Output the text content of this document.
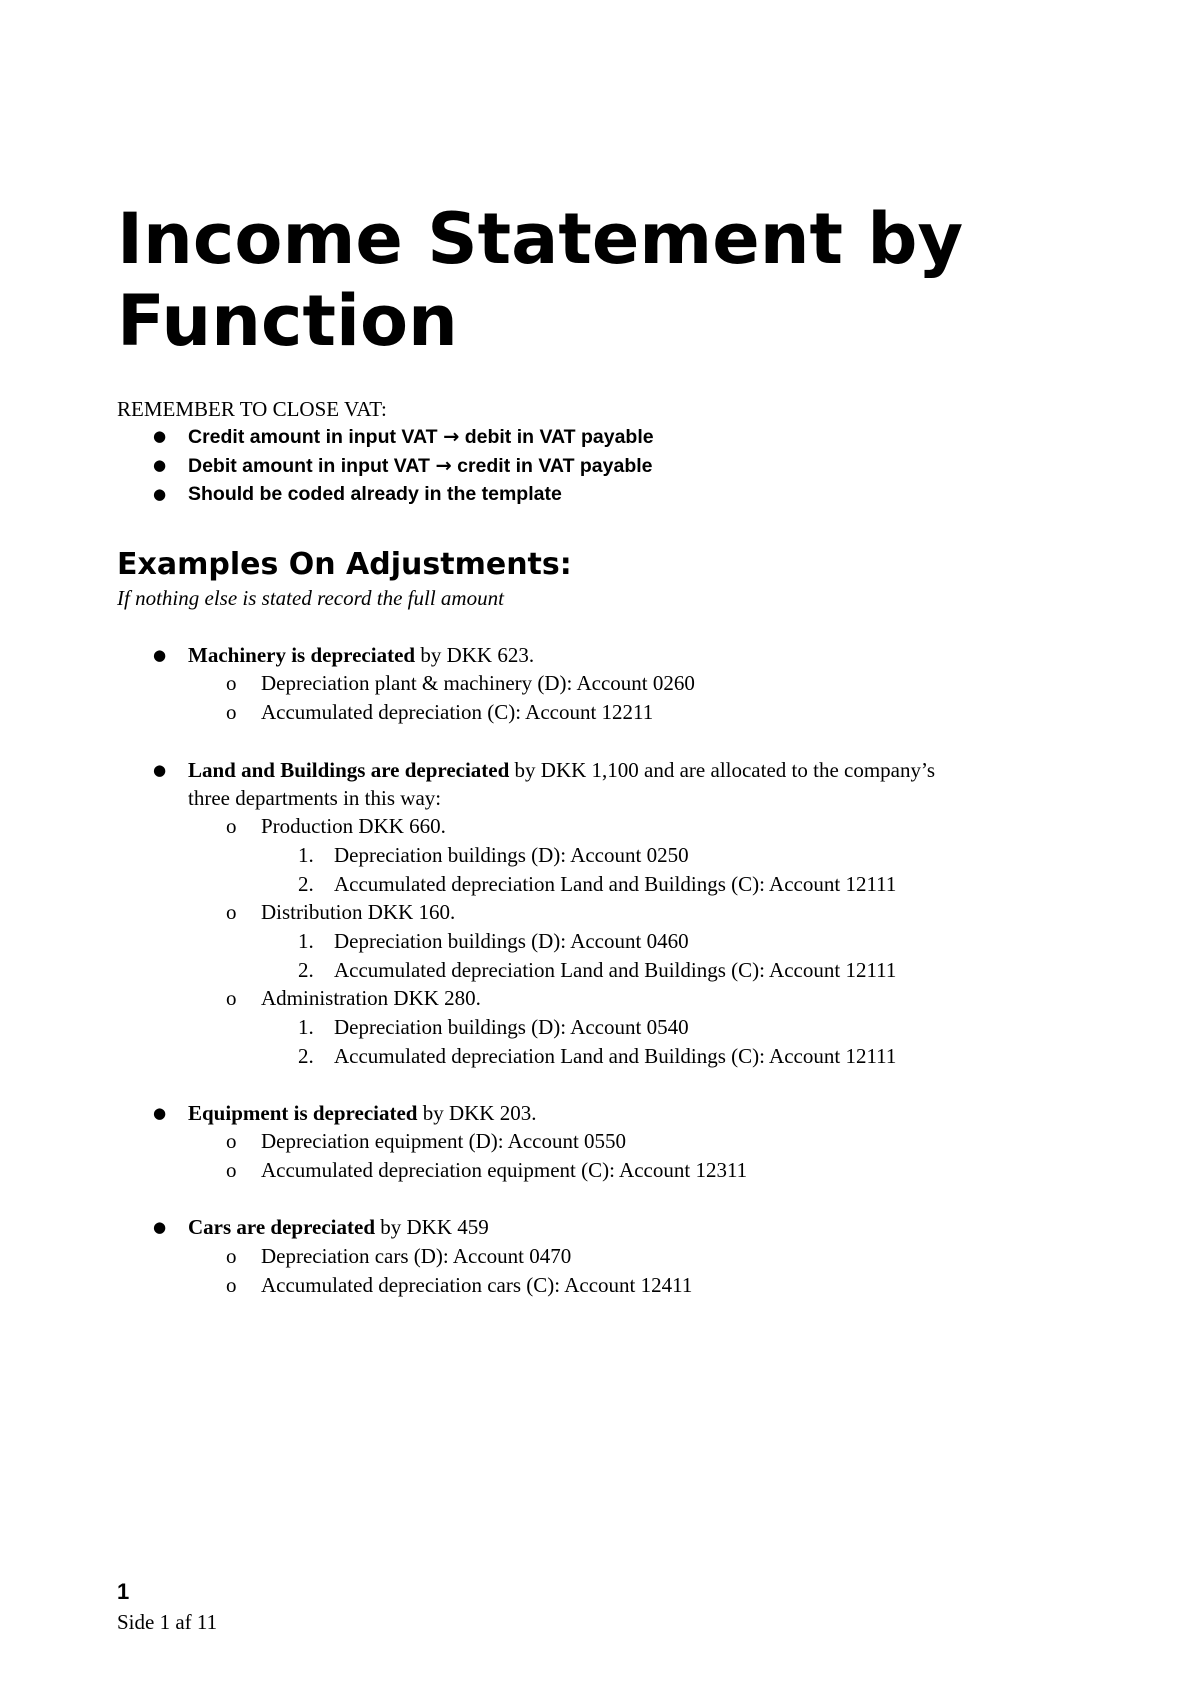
Income Statement by Function
REMEMBER TO CLOSE VAT:
● Credit amount in input VAT → debit in VAT payable
● Debit amount in input VAT → credit in VAT payable
● Should be coded already in the template
Examples On Adjustments:
If nothing else is stated record the full amount
● Machinery is depreciated by DKK 623.
o Depreciation plant & machinery (D): Account 0260
o Accumulated depreciation (C): Account 12211
● Land and Buildings are depreciated by DKK 1,100 and are allocated to the company’s
three departments in this way:
o Production DKK 660.
1. Depreciation buildings (D): Account 0250
2. Accumulated depreciation Land and Buildings (C): Account 12111
o Distribution DKK 160.
1. Depreciation buildings (D): Account 0460
2. Accumulated depreciation Land and Buildings (C): Account 12111
o Administration DKK 280.
1. Depreciation buildings (D): Account 0540
2. Accumulated depreciation Land and Buildings (C): Account 12111
● Equipment is depreciated by DKK 203.
o Depreciation equipment (D): Account 0550
o Accumulated depreciation equipment (C): Account 12311
● Cars are depreciated by DKK 459
o Depreciation cars (D): Account 0470
o Accumulated depreciation cars (C): Account 12411
1
Side 1 af 11
